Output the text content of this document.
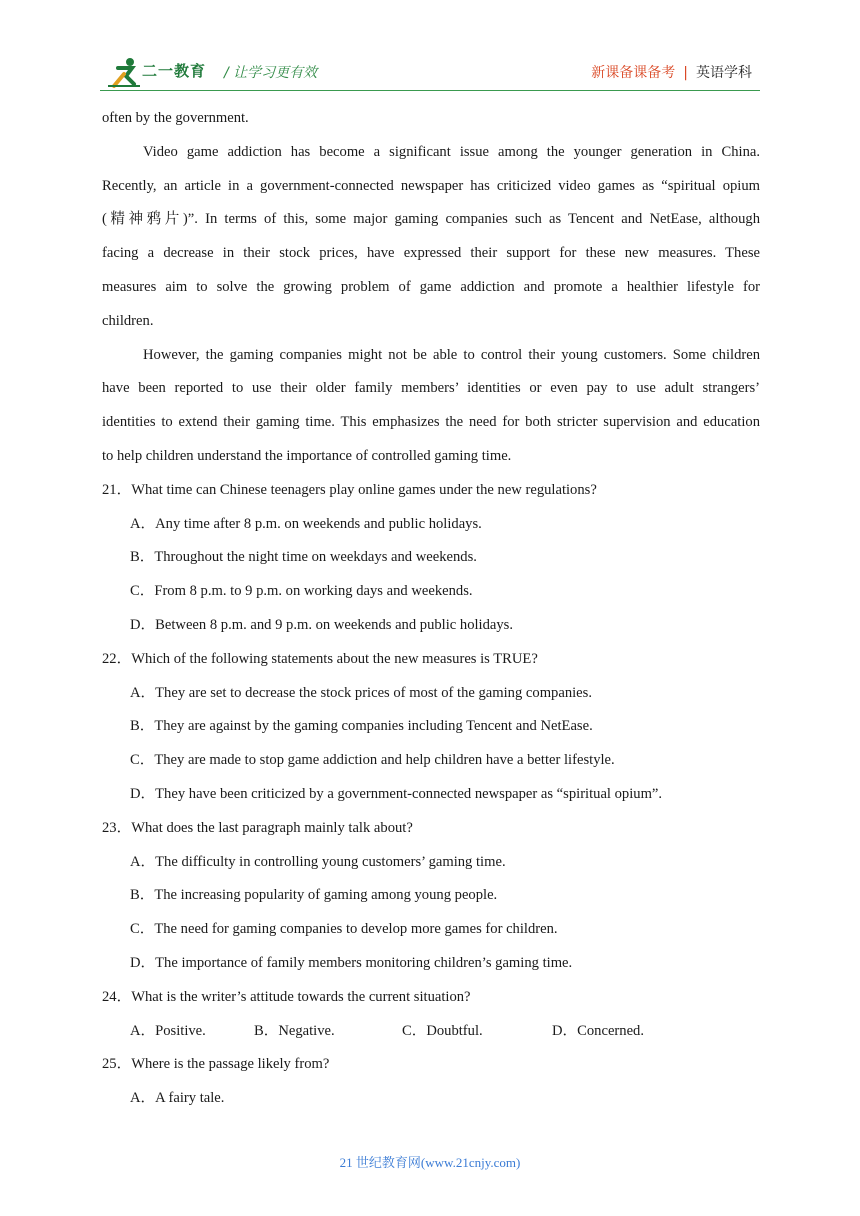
二一教育 / 让学习更有效	新课备课备考 | 英语学科
often by the government.
Video game addiction has become a significant issue among the younger generation in China.
Recently, an article in a government-connected newspaper has criticized video games as “spiritual opium
(精神鸦片)”. In terms of this, some major gaming companies such as Tencent and NetEase, although
facing a decrease in their stock prices, have expressed their support for these new measures. These
measures aim to solve the growing problem of game addiction and promote a healthier lifestyle for
children.
However, the gaming companies might not be able to control their young customers. Some children
have been reported to use their older family members’ identities or even pay to use adult strangers’
identities to extend their gaming time. This emphasizes the need for both stricter supervision and education
to help children understand the importance of controlled gaming time.
21．What time can Chinese teenagers play online games under the new regulations?
A．Any time after 8 p.m. on weekends and public holidays.
B．Throughout the night time on weekdays and weekends.
C．From 8 p.m. to 9 p.m. on working days and weekends.
D．Between 8 p.m. and 9 p.m. on weekends and public holidays.
22．Which of the following statements about the new measures is TRUE?
A．They are set to decrease the stock prices of most of the gaming companies.
B．They are against by the gaming companies including Tencent and NetEase.
C．They are made to stop game addiction and help children have a better lifestyle.
D．They have been criticized by a government-connected newspaper as “spiritual opium”.
23．What does the last paragraph mainly talk about?
A．The difficulty in controlling young customers’ gaming time.
B．The increasing popularity of gaming among young people.
C．The need for gaming companies to develop more games for children.
D．The importance of family members monitoring children’s gaming time.
24．What is the writer’s attitude towards the current situation?
A．Positive.	B．Negative.	C．Doubtful.	D．Concerned.
25．Where is the passage likely from?
A．A fairy tale.
21 世纪教育网(www.21cnjy.com)
